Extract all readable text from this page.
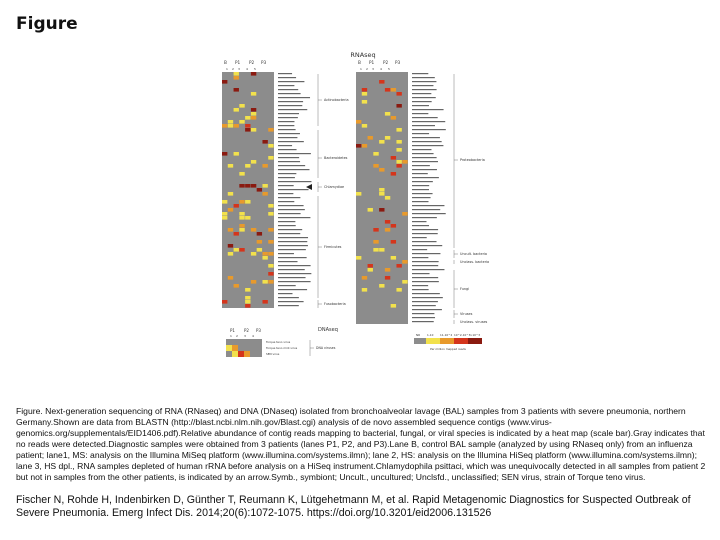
Figure
RNAseq
B P1 P2 P3
1 2 3 4 5
Actinobacteria
Bacteroidetes
Chlamydiae
Firmicutes
Fusobacteria
B P1 P2 P3
1 2 3 4 5
Proteobacteria
Uncult. bacteria
Unclass. bacteria
Fungi
Viruses
Unclass. viruses
NR 1-10 11-10^2 10^2-10^3 >10^3
Per million mapped reads
DNAseq
P1 P2 P3
1 2 3 4
Torque teno virus
Torque teno midi virus
SEN virus
DNA viruses
Figure. Next-generation sequencing of RNA (RNaseq) and DNA (DNaseq) isolated from bronchoalveolar lavage (BAL) samples from 3 patients with severe pneumonia, northern Germany.Shown are data from BLASTN (http://blast.ncbi.nlm.nih.gov/Blast.cgi) analysis of de novo assembled sequence contigs (www.virus-genomics.org/supplementals/EID1406.pdf).Relative abundance of contig reads mapping to bacterial, fungal, or viral species is indicated by a heat map (scale bar).Gray indicates that no reads were detected.Diagnostic samples were obtained from 3 patients (lanes P1, P2, and P3).Lane B, control BAL sample (analyzed by using RNaseq only) from an influenza patient; lane1, MS: analysis on the Illumina MiSeq platform (www.illumina.com/systems.ilmn); lane 2, HS: analysis on the Illumina HiSeq platform (www.illumina.com/systems.ilmn); lane 3, HS dpl., RNA samples depleted of human rRNA before analysis on a HiSeq instrument.Chlamydophila psittaci, which was unequivocally detected in all samples from patient 2 but not in samples from the other patients, is indicated by an arrow.Symb., symbiont; Uncult., uncultured; Unclsfd., unclassified; SEN virus, strain of Torque teno virus.
Fischer N, Rohde H, Indenbirken D, Günther T, Reumann K, Lütgehetmann M, et al. Rapid Metagenomic Diagnostics for Suspected Outbreak of Severe Pneumonia. Emerg Infect Dis. 2014;20(6):1072-1075. https://doi.org/10.3201/eid2006.131526
